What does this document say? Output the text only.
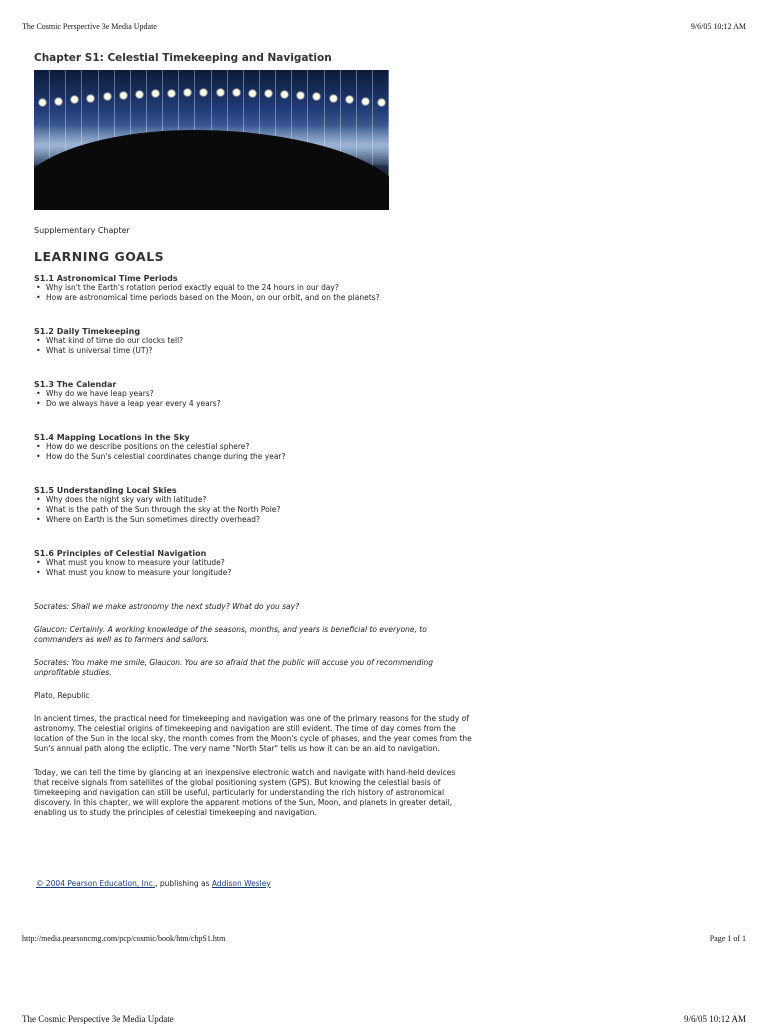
The Cosmic Perspective 3e Media Update	9/6/05 10:12 AM
Chapter S1: Celestial Timekeeping and Navigation
Supplementary Chapter
LEARNING GOALS
S1.1 Astronomical Time Periods
• Why isn't the Earth's rotation period exactly equal to the 24 hours in our day?
• How are astronomical time periods based on the Moon, on our orbit, and on the planets?
S1.2 Daily Timekeeping
• What kind of time do our clocks tell?
• What is universal time (UT)?
S1.3 The Calendar
• Why do we have leap years?
• Do we always have a leap year every 4 years?
S1.4 Mapping Locations in the Sky
• How do we describe positions on the celestial sphere?
• How do the Sun's celestial coordinates change during the year?
S1.5 Understanding Local Skies
• Why does the night sky vary with latitude?
• What is the path of the Sun through the sky at the North Pole?
• Where on Earth is the Sun sometimes directly overhead?
S1.6 Principles of Celestial Navigation
• What must you know to measure your latitude?
• What must you know to measure your longitude?

Socrates: Shall we make astronomy the next study? What do you say?

Glaucon: Certainly. A working knowledge of the seasons, months, and years is beneficial to everyone, to commanders as well as to farmers and sailors.

Socrates: You make me smile, Glaucon. You are so afraid that the public will accuse you of recommending unprofitable studies.

Plato, Republic

In ancient times, the practical need for timekeeping and navigation was one of the primary reasons for the study of astronomy. The celestial origins of timekeeping and navigation are still evident. The time of day comes from the location of the Sun in the local sky, the month comes from the Moon's cycle of phases, and the year comes from the Sun's annual path along the ecliptic. The very name "North Star" tells us how it can be an aid to navigation.

Today, we can tell the time by glancing at an inexpensive electronic watch and navigate with hand-held devices that receive signals from satellites of the global positioning system (GPS). But knowing the celestial basis of timekeeping and navigation can still be useful, particularly for understanding the rich history of astronomical discovery. In this chapter, we will explore the apparent motions of the Sun, Moon, and planets in greater detail, enabling us to study the principles of celestial timekeeping and navigation.

© 2004 Pearson Education, Inc., publishing as Addison Wesley
http://media.pearsoncmg.com/pcp/cosmic/book/htm/chpS1.htm	Page 1 of 1
The Cosmic Perspective 3e Media Update	9/6/05 10:12 AM
